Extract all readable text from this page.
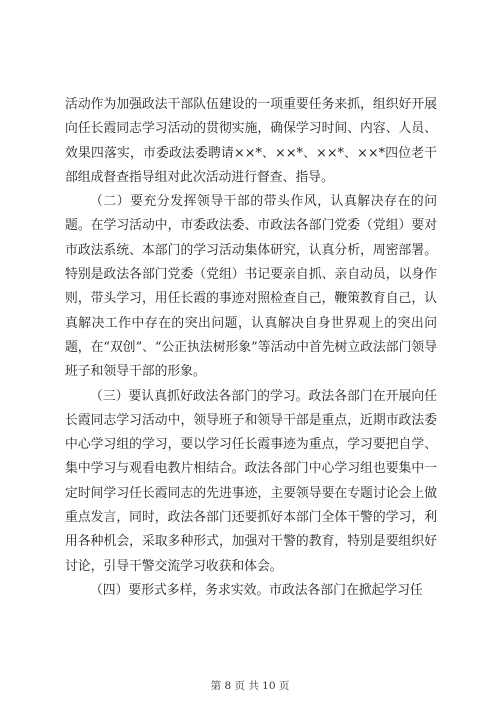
活动作为加强政法干部队伍建设的一项重要任务来抓，组织好开展向任长霞同志学习活动的贯彻实施，确保学习时间、内容、人员、效果四落实，市委政法委聘请××*、××*、××*、××*四位老干部组成督查指导组对此次活动进行督查、指导。

（二）要充分发挥领导干部的带头作风，认真解决存在的问题。在学习活动中，市委政法委、市政法各部门党委（党组）要对市政法系统、本部门的学习活动集体研究，认真分析，周密部署。特别是政法各部门党委（党组）书记要亲自抓、亲自动员，以身作则，带头学习，用任长霞的事迹对照检查自己，鞭策教育自己，认真解决工作中存在的突出问题，认真解决自身世界观上的突出问题，在“双创”、“公正执法树形象”等活动中首先树立政法部门领导班子和领导干部的形象。

（三）要认真抓好政法各部门的学习。政法各部门在开展向任长霞同志学习活动中，领导班子和领导干部是重点，近期市政法委中心学习组的学习，要以学习任长霞事迹为重点，学习要把自学、集中学习与观看电教片相结合。政法各部门中心学习组也要集中一定时间学习任长霞同志的先进事迹，主要领导要在专题讨论会上做重点发言，同时，政法各部门还要抓好本部门全体干警的学习，利用各种机会，采取多种形式，加强对干警的教育，特别是要组织好讨论，引导干警交流学习收获和体会。

（四）要形式多样，务求实效。市政法各部门在掀起学习任

第 8 页 共 10 页
